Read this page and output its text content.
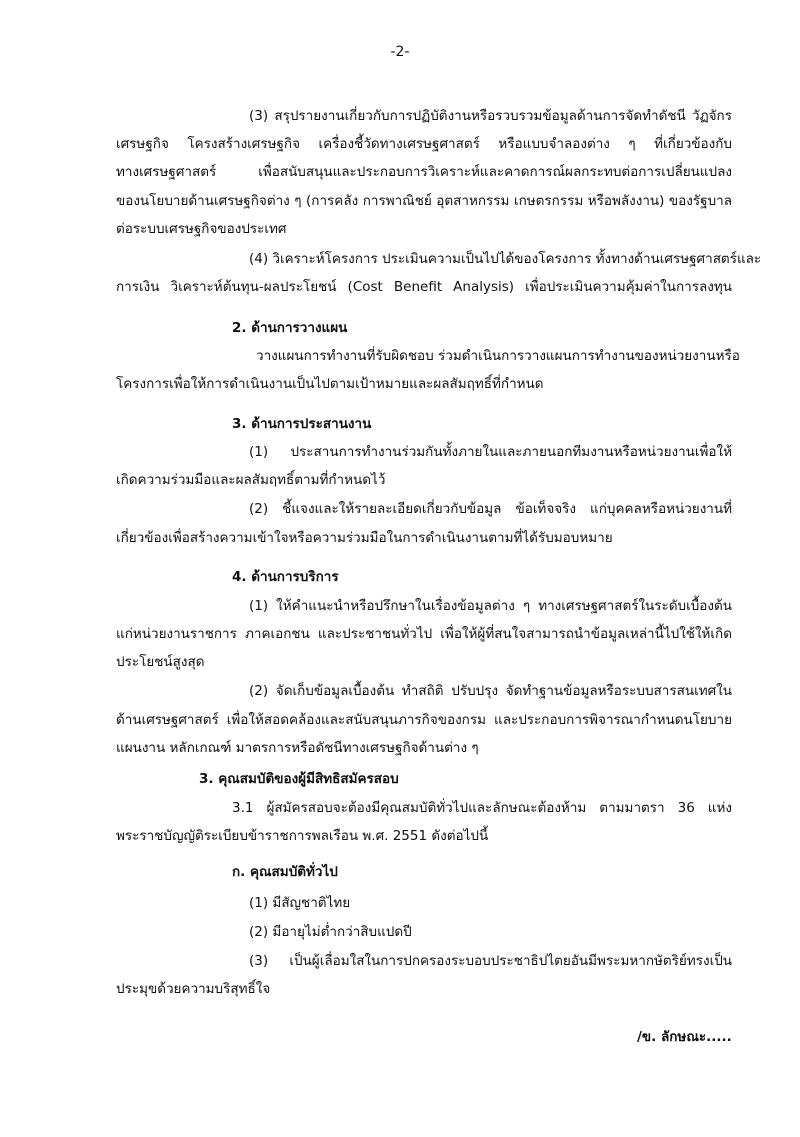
-2-
(3) สรุปรายงานเกี่ยวกับการปฏิบัติงานหรือรวบรวมข้อมูลด้านการจัดทำดัชนี วัฏจักร
เศรษฐกิจ โครงสร้างเศรษฐกิจ เครื่องชี้วัดทางเศรษฐศาสตร์ หรือแบบจำลองต่าง ๆ ที่เกี่ยวข้องกับ
ทางเศรษฐศาสตร์ เพื่อสนับสนุนและประกอบการวิเคราะห์และคาดการณ์ผลกระทบต่อการเปลี่ยนแปลง
ของนโยบายด้านเศรษฐกิจต่าง ๆ (การคลัง การพาณิชย์ อุตสาหกรรม เกษตรกรรม หรือพลังงาน) ของรัฐบาล
ต่อระบบเศรษฐกิจของประเทศ
(4) วิเคราะห์โครงการ ประเมินความเป็นไปได้ของโครงการ ทั้งทางด้านเศรษฐศาสตร์และ
การเงิน วิเคราะห์ต้นทุน-ผลประโยชน์ (Cost Benefit Analysis) เพื่อประเมินความคุ้มค่าในการลงทุน
2. ด้านการวางแผน
วางแผนการทำงานที่รับผิดชอบ ร่วมดำเนินการวางแผนการทำงานของหน่วยงานหรือ
โครงการเพื่อให้การดำเนินงานเป็นไปตามเป้าหมายและผลสัมฤทธิ์ที่กำหนด
3. ด้านการประสานงาน
(1) ประสานการทำงานร่วมกันทั้งภายในและภายนอกทีมงานหรือหน่วยงานเพื่อให้
เกิดความร่วมมือและผลสัมฤทธิ์ตามที่กำหนดไว้
(2) ชี้แจงและให้รายละเอียดเกี่ยวกับข้อมูล ข้อเท็จจริง แก่บุคคลหรือหน่วยงานที่
เกี่ยวข้องเพื่อสร้างความเข้าใจหรือความร่วมมือในการดำเนินงานตามที่ได้รับมอบหมาย
4. ด้านการบริการ
(1) ให้คำแนะนำหรือปรึกษาในเรื่องข้อมูลต่าง ๆ ทางเศรษฐศาสตร์ในระดับเบื้องต้น
แก่หน่วยงานราชการ ภาคเอกชน และประชาชนทั่วไป เพื่อให้ผู้ที่สนใจสามารถนำข้อมูลเหล่านี้ไปใช้ให้เกิด
ประโยชน์สูงสุด
(2) จัดเก็บข้อมูลเบื้องต้น ทำสถิติ ปรับปรุง จัดทำฐานข้อมูลหรือระบบสารสนเทศใน
ด้านเศรษฐศาสตร์ เพื่อให้สอดคล้องและสนับสนุนภารกิจของกรม และประกอบการพิจารณากำหนดนโยบาย
แผนงาน หลักเกณฑ์ มาตรการหรือดัชนีทางเศรษฐกิจด้านต่าง ๆ
3. คุณสมบัติของผู้มีสิทธิสมัครสอบ
3.1 ผู้สมัครสอบจะต้องมีคุณสมบัติทั่วไปและลักษณะต้องห้าม ตามมาตรา 36 แห่ง
พระราชบัญญัติระเบียบข้าราชการพลเรือน พ.ศ. 2551 ดังต่อไปนี้
ก. คุณสมบัติทั่วไป
(1) มีสัญชาติไทย
(2) มีอายุไม่ต่ำกว่าสิบแปดปี
(3) เป็นผู้เลื่อมใสในการปกครองระบอบประชาธิปไตยอันมีพระมหากษัตริย์ทรงเป็น
ประมุขด้วยความบริสุทธิ์ใจ
/ข. ลักษณะ.....
